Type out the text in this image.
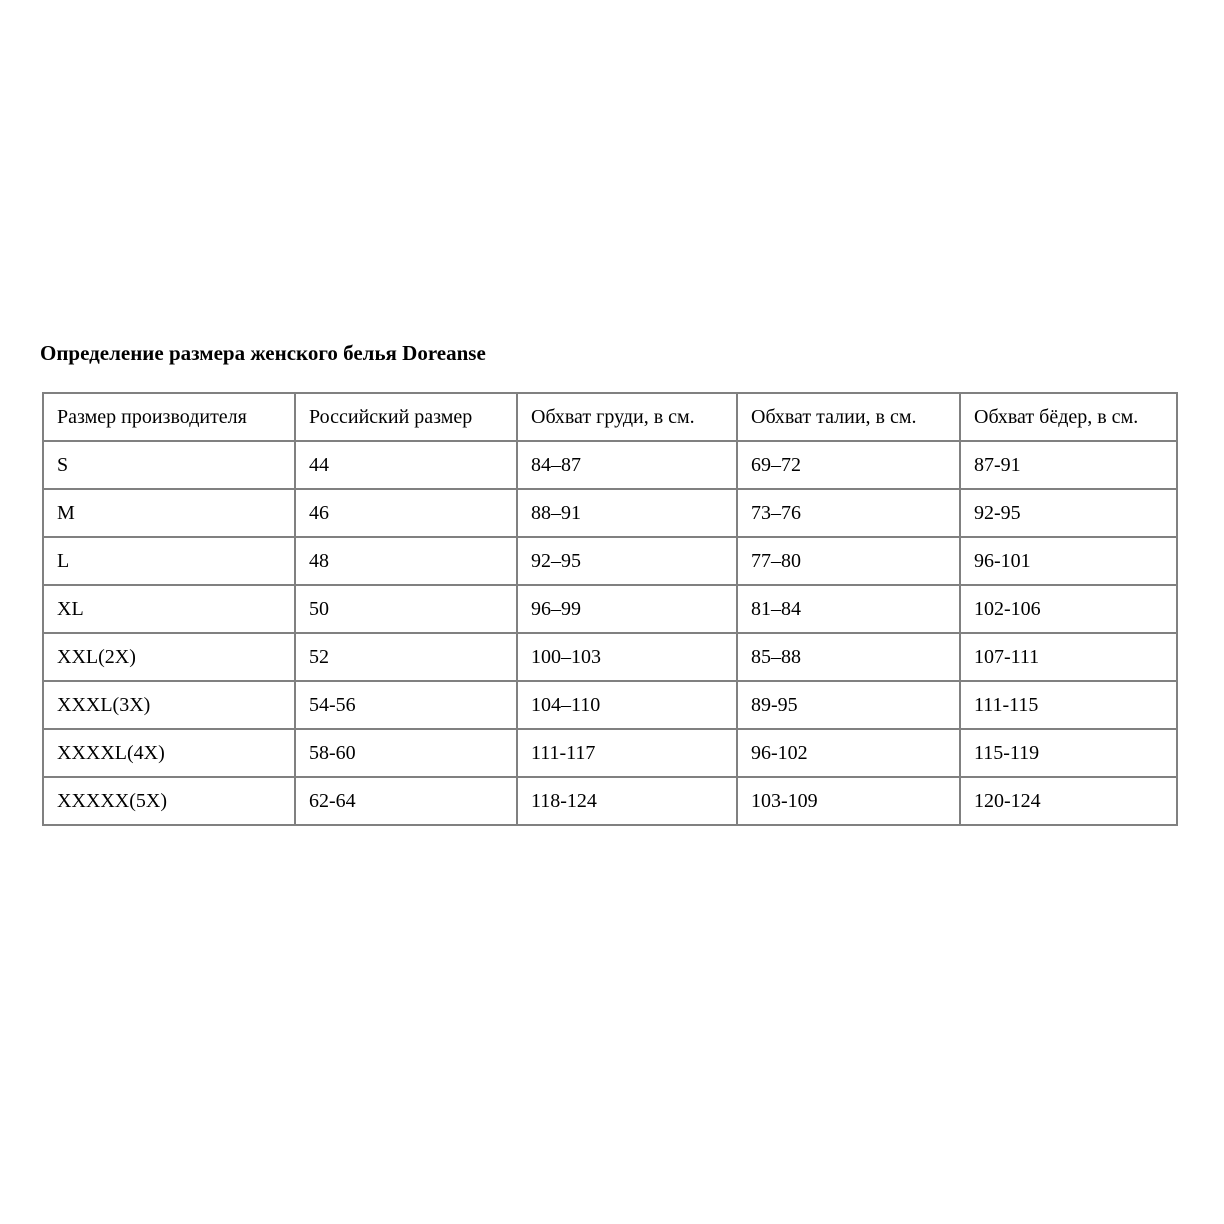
Определение размера женского белья Doreanse
Размер производителя	Российский размер	Обхват груди, в см.	Обхват талии, в см.	Обхват бёдер, в см.
S	44	84–87	69–72	87-91
M	46	88–91	73–76	92-95
L	48	92–95	77–80	96-101
XL	50	96–99	81–84	102-106
XXL(2X)	52	100–103	85–88	107-111
XXXL(3X)	54-56	104–110	89-95	111-115
XXXXL(4X)	58-60	111-117	96-102	115-119
XXXXX(5X)	62-64	118-124	103-109	120-124
